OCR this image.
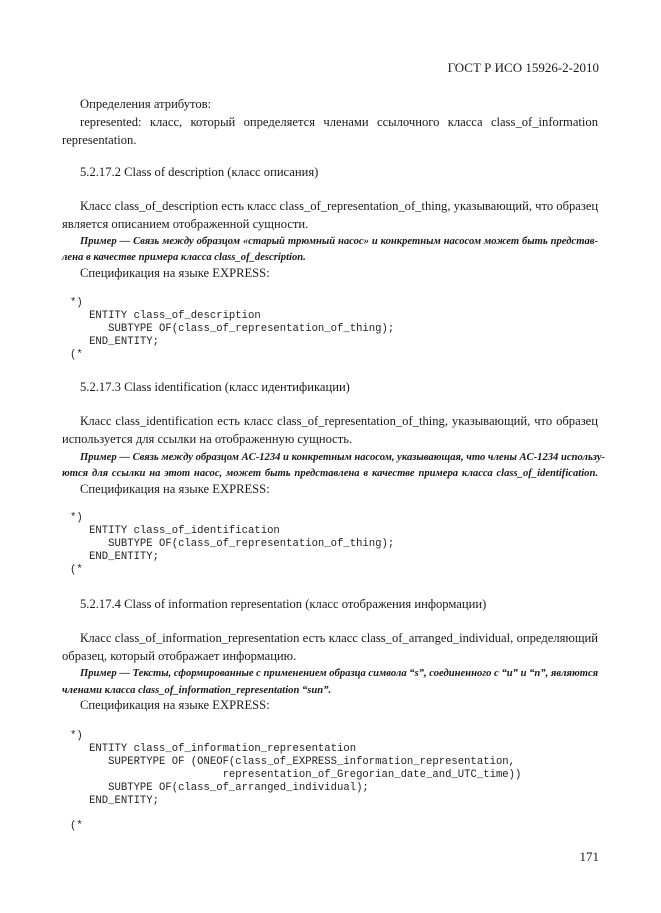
ГОСТ Р ИСО 15926-2-2010
Определения атрибутов:
represented: класс, который определяется членами ссылочного класса class_of_information
representation.
5.2.17.2 Class of description (класс описания)
Класс class_of_description есть класс class_of_representation_of_thing, указывающий, что образец
является описанием отображенной сущности.
Пример — Связь между образцом «старый трюмный насос» и конкретным насосом может быть представ-
лена в качестве примера класса class_of_description.
Спецификация на языке EXPRESS:
*)
ENTITY class_of_description
SUBTYPE OF(class_of_representation_of_thing);
END_ENTITY;
(*
5.2.17.3 Class identification (класс идентификации)
Класс class_identification есть класс class_of_representation_of_thing, указывающий, что образец
используется для ссылки на отображенную сущность.
Пример — Связь между образцом AC-1234 и конкретным насосом, указывающая, что члены AC-1234 использу-
ются для ссылки на этот насос, может быть представлена в качестве примера класса class_of_identification.
Спецификация на языке EXPRESS:
*)
ENTITY class_of_identification
SUBTYPE OF(class_of_representation_of_thing);
END_ENTITY;
(*
5.2.17.4 Class of information representation (класс отображения информации)
Класс class_of_information_representation есть класс class_of_arranged_individual, определяющий
образец, который отображает информацию.
Пример — Тексты, сформированные с применением образца символа “s”, соединенного с “u” и “n”, являются
членами класса class_of_information_representation “sun”.
Спецификация на языке EXPRESS:
*)
ENTITY class_of_information_representation
SUPERTYPE OF (ONEOF(class_of_EXPRESS_information_representation,
representation_of_Gregorian_date_and_UTC_time))
SUBTYPE OF(class_of_arranged_individual);
END_ENTITY;
(*
171
